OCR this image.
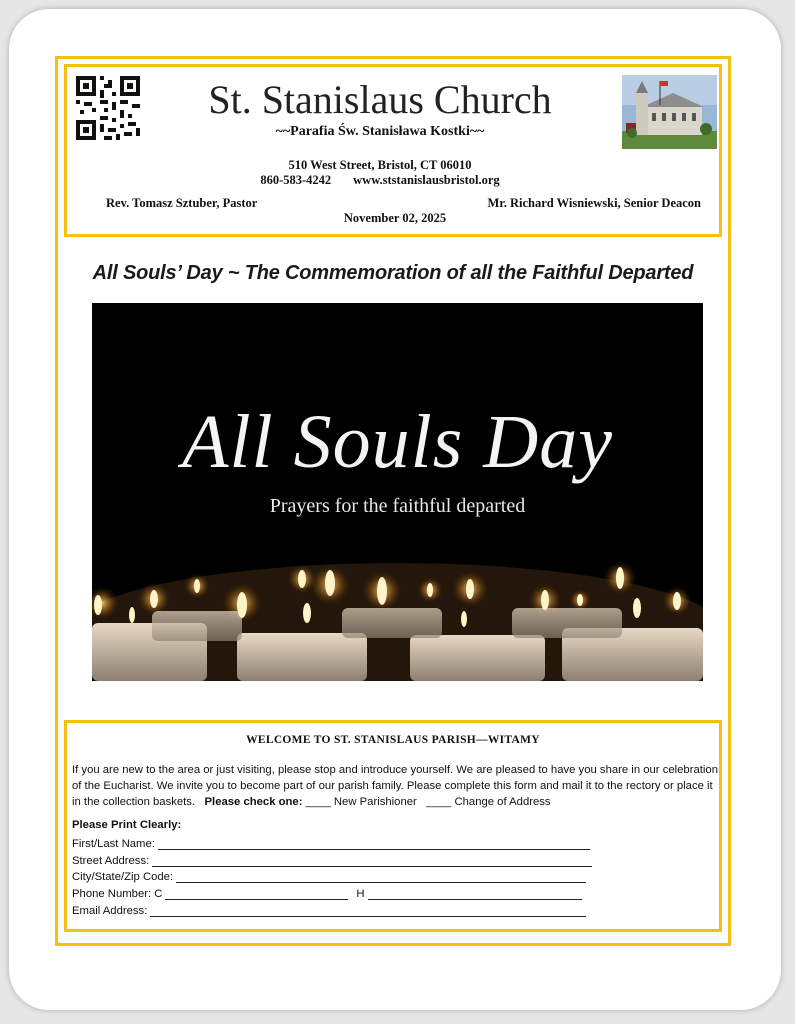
St. Stanislaus Church
~~Parafia Św. Stanisława Kostki~~
510 West Street, Bristol, CT 06010
860-583-4242 www.ststanislausbristol.org
Rev. Tomasz Sztuber, Pastor	Mr. Richard Wisniewski, Senior Deacon
November 02, 2025
All Souls’ Day ~ The Commemoration of all the Faithful Departed
All Souls Day
Prayers for the faithful departed
WELCOME TO ST. STANISLAUS PARISH—WITAMY
If you are new to the area or just visiting, please stop and introduce yourself. We are pleased to have you share in our celebration of the Eucharist. We invite you to become part of our parish family. Please complete this form and mail it to the rectory or place it in the collection baskets. Please check one: ____ New Parishioner ____ Change of Address
Please Print Clearly:
First/Last Name:
Street Address:
City/State/Zip Code:
Phone Number: C	H
Email Address:
